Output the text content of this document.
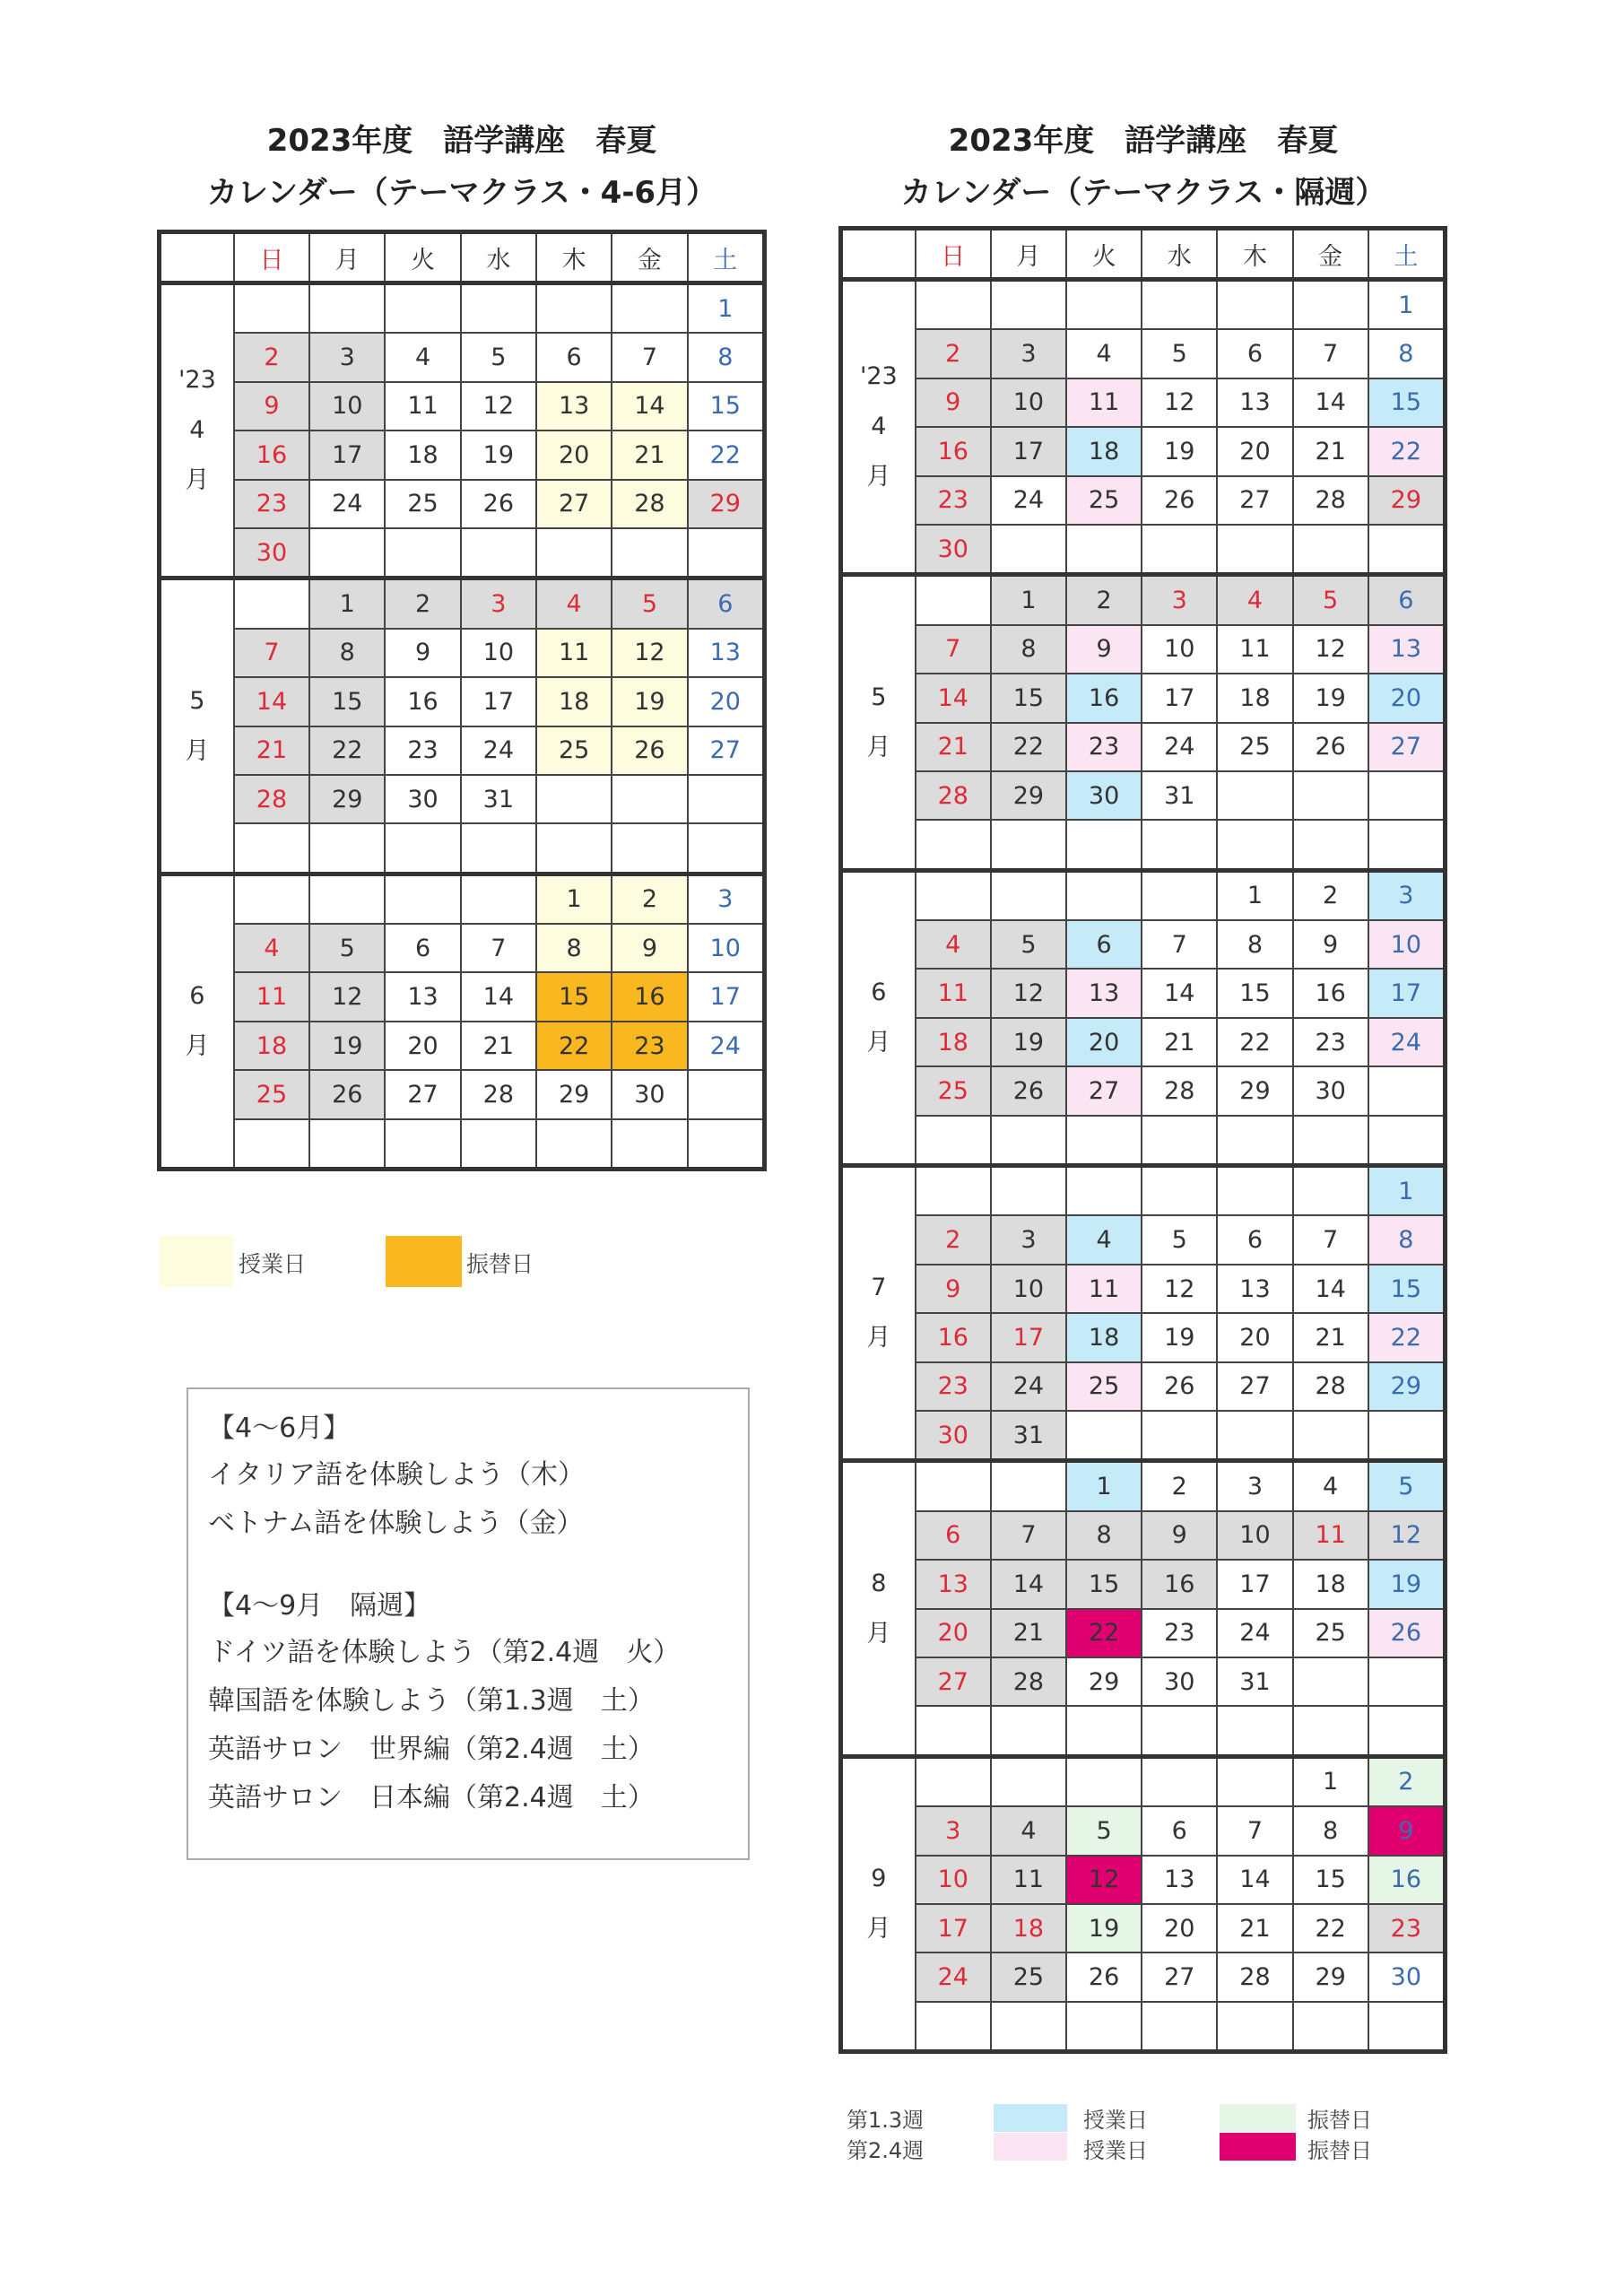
2023年度　語学講座　春夏
カレンダー（テーマクラス・4-6月）
2023年度　語学講座　春夏
カレンダー（テーマクラス・隔週）
	日	月	火	水	木	金	土

'23
4
月							1
	2	3	4	5	6	7	8
	9	10	11	12	13	14	15
	16	17	18	19	20	21	22
	23	24	25	26	27	28	29
	30						

5
月		1	2	3	4	5	6
	7	8	9	10	11	12	13
	14	15	16	17	18	19	20
	21	22	23	24	25	26	27
	28	29	30	31			

6
月					1	2	3
	4	5	6	7	8	9	10
	11	12	13	14	15	16	17
	18	19	20	21	22	23	24
	25	26	27	28	29	30	

	日	月	火	水	木	金	土

'23
4
月							1
	2	3	4	5	6	7	8
	9	10	11	12	13	14	15
	16	17	18	19	20	21	22
	23	24	25	26	27	28	29
	30						

5
月		1	2	3	4	5	6
	7	8	9	10	11	12	13
	14	15	16	17	18	19	20
	21	22	23	24	25	26	27
	28	29	30	31			

6
月					1	2	3
	4	5	6	7	8	9	10
	11	12	13	14	15	16	17
	18	19	20	21	22	23	24
	25	26	27	28	29	30	

7
月							1
	2	3	4	5	6	7	8
	9	10	11	12	13	14	15
	16	17	18	19	20	21	22
	23	24	25	26	27	28	29
	30	31					

8
月			1	2	3	4	5
	6	7	8	9	10	11	12
	13	14	15	16	17	18	19
	20	21	22	23	24	25	26
	27	28	29	30	31		

9
月						1	2
	3	4	5	6	7	8	9
	10	11	12	13	14	15	16
	17	18	19	20	21	22	23
	24	25	26	27	28	29	30

授業日	振替日
【4〜6月】
イタリア語を体験しよう（木）
ベトナム語を体験しよう（金）
【4〜9月　隔週】
ドイツ語を体験しよう（第2.4週　火）
韓国語を体験しよう（第1.3週　土）
英語サロン　世界編（第2.4週　土）
英語サロン　日本編（第2.4週　土）
第1.3週
第2.4週
授業日
授業日
振替日
振替日
